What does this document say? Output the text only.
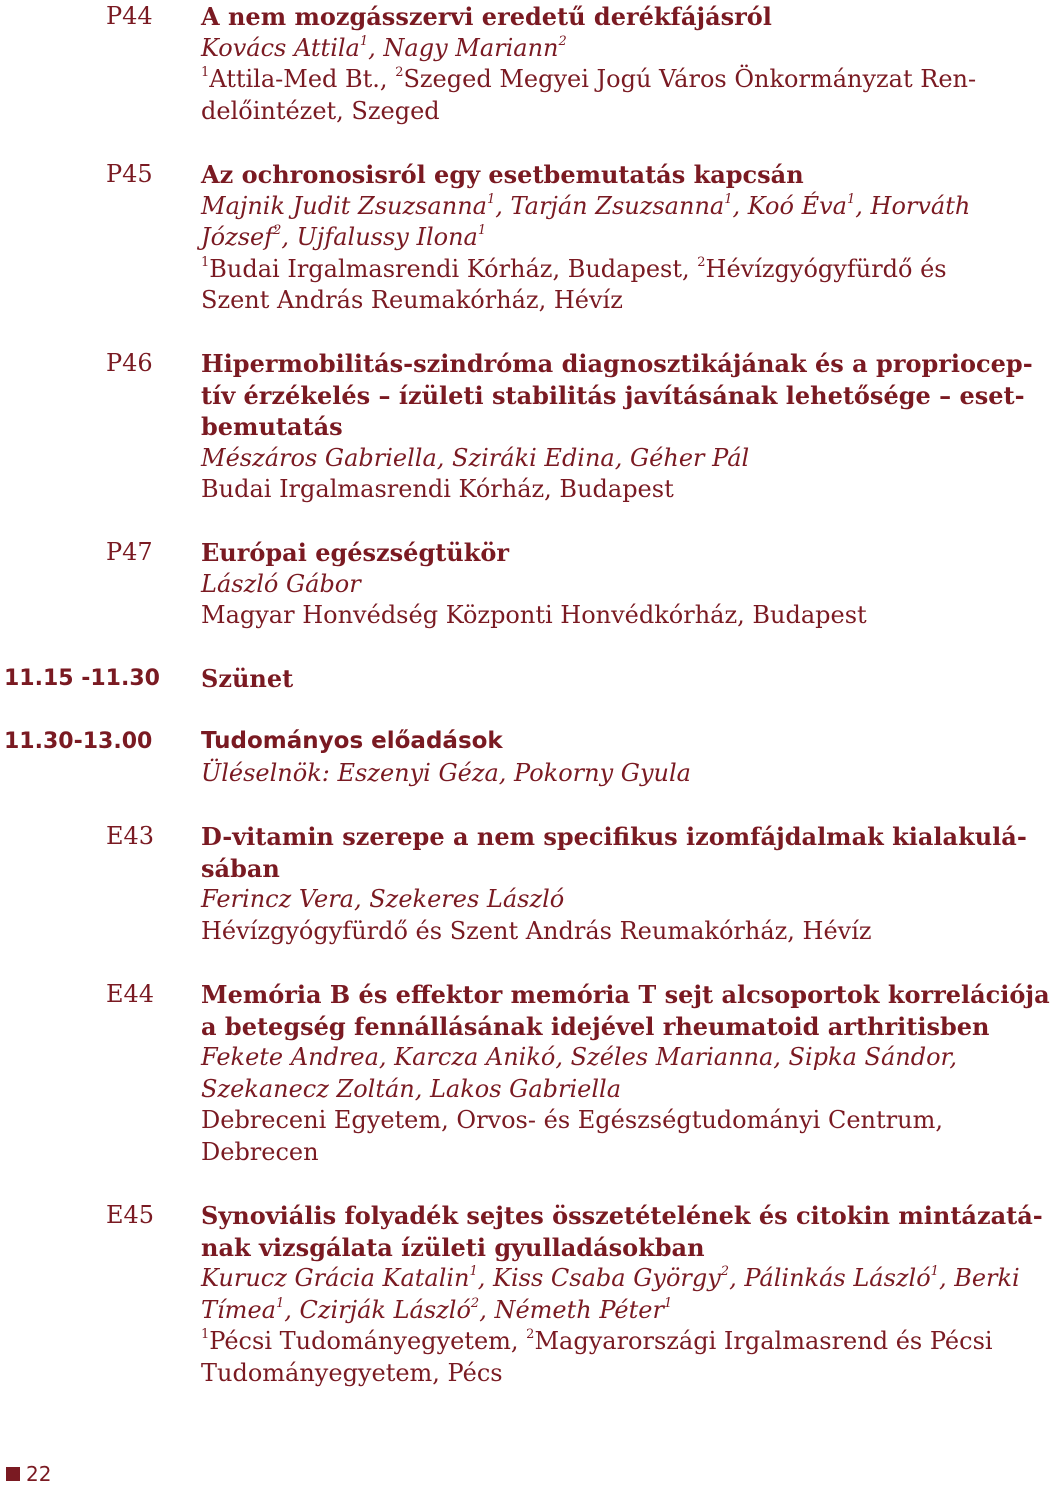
P44 A nem mozgásszervi eredetű derékfájásról
Kovács Attila$^1$, Nagy Mariann$^2$
$^1$Attila-Med Bt., $^2$Szeged Megyei Jogú Város Önkormányzat Ren-
delőintézet, Szeged
P45 Az ochronosisról egy esetbemutatás kapcsán
Majnik Judit Zsuzsanna$^1$, Tarján Zsuzsanna$^1$, Koó Éva$^1$, Horváth
József$^2$, Ujfalussy Ilona$^1$
$^1$Budai Irgalmasrendi Kórház, Budapest, $^2$Hévízgyógyfürdő és
Szent András Reumakórház, Hévíz
P46 Hipermobilitás-szindróma diagnosztikájának és a propriocep-
tív érzékelés – ízületi stabilitás javításának lehetősége – eset-
bemutatás
Mészáros Gabriella, Sziráki Edina, Géher Pál
Budai Irgalmasrendi Kórház, Budapest
P47 Európai egészségtükör
László Gábor
Magyar Honvédség Központi Honvédkórház, Budapest
11.15 -11.30 Szünet
11.30-13.00 Tudományos előadások
Üléselnök: Eszenyi Géza, Pokorny Gyula
E43 D-vitamin szerepe a nem specifikus izomfájdalmak kialakulá-
sában
Ferincz Vera, Szekeres László
Hévízgyógyfürdő és Szent András Reumakórház, Hévíz
E44 Memória B és effektor memória T sejt alcsoportok korrelációja
a betegség fennállásának idejével rheumatoid arthritisben
Fekete Andrea, Karcza Anikó, Széles Marianna, Sipka Sándor,
Szekanecz Zoltán, Lakos Gabriella
Debreceni Egyetem, Orvos- és Egészségtudományi Centrum,
Debrecen
E45 Synoviális folyadék sejtes összetételének és citokin mintázatá-
nak vizsgálata ízületi gyulladásokban
Kurucz Grácia Katalin$^1$, Kiss Csaba György$^2$, Pálinkás László$^1$, Berki
Tímea$^1$, Czirják László$^2$, Németh Péter$^1$
$^1$Pécsi Tudományegyetem, $^2$Magyarországi Irgalmasrend és Pécsi
Tudományegyetem, Pécs
22
